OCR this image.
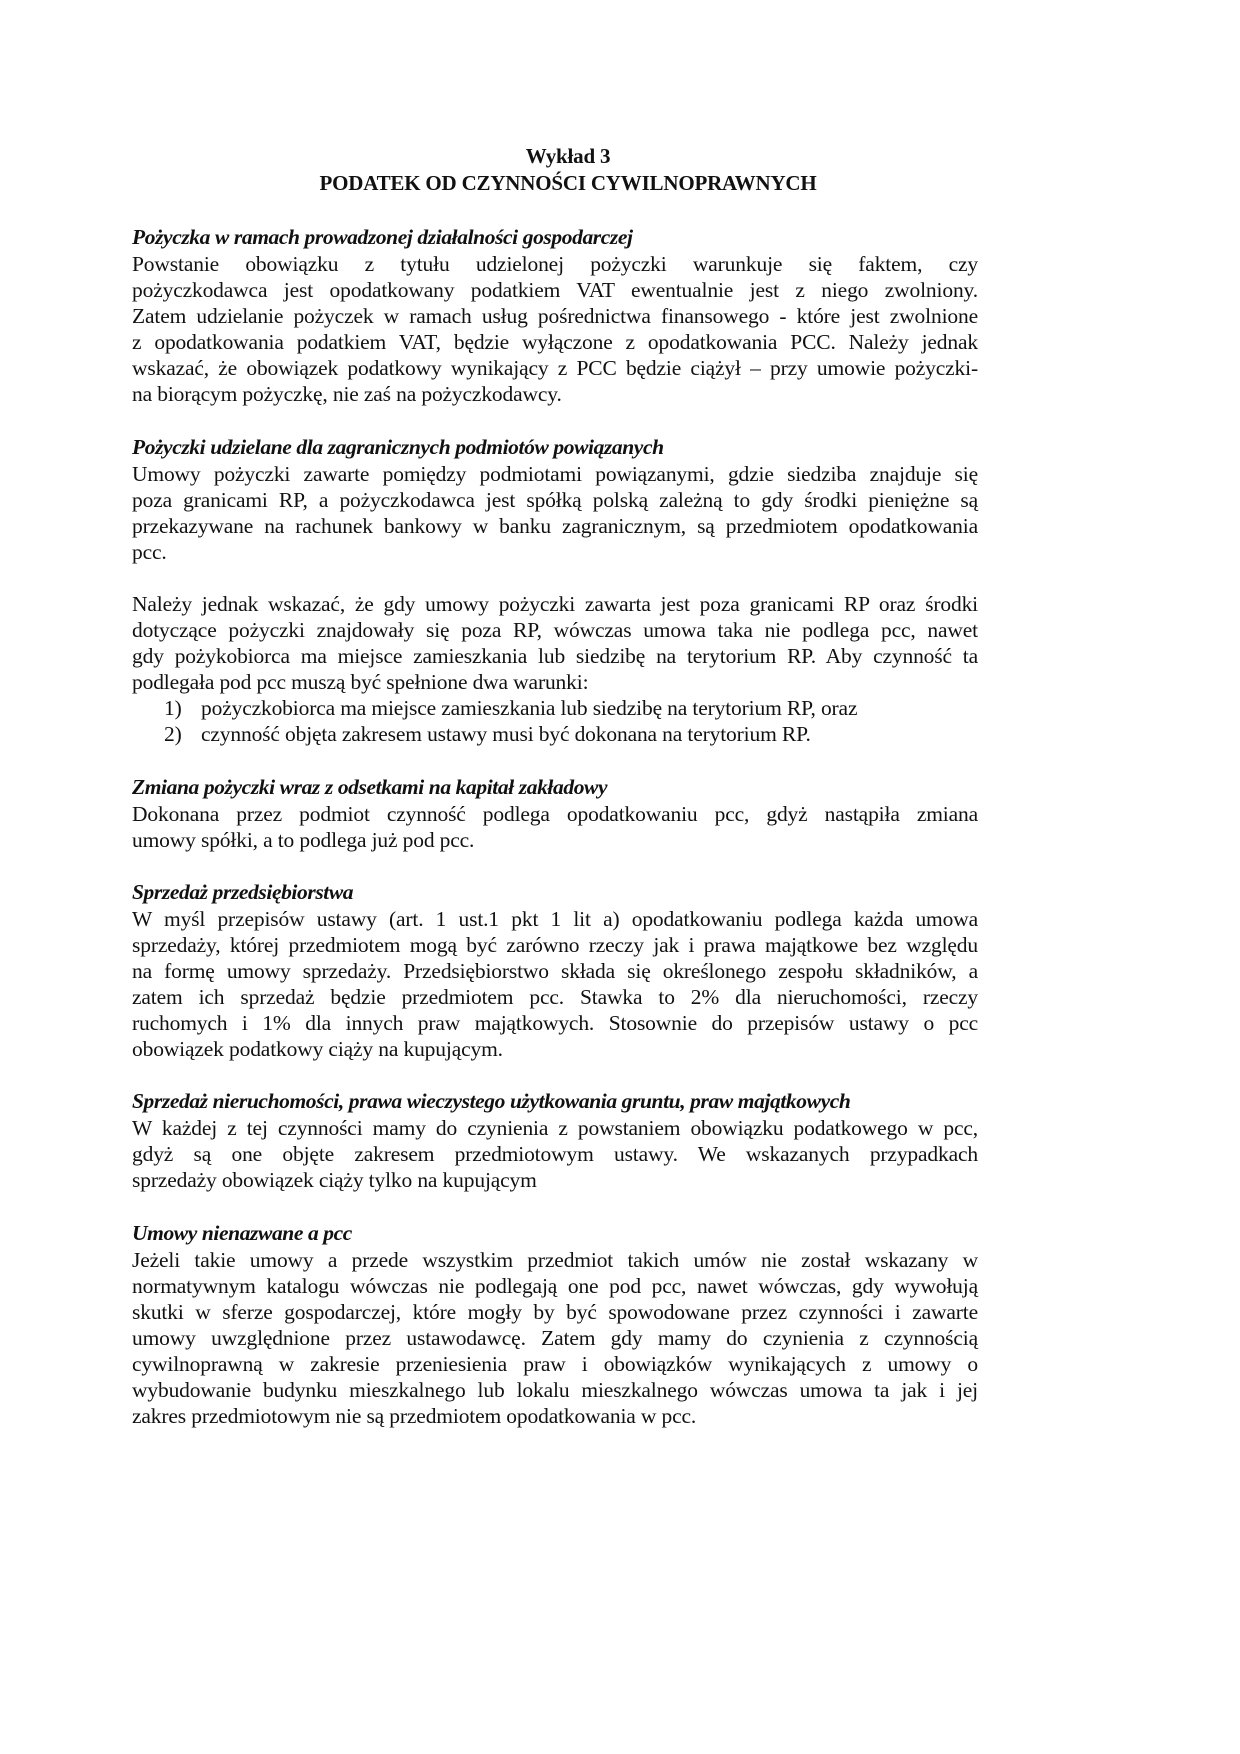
Wykład 3
PODATEK OD CZYNNOŚCI CYWILNOPRAWNYCH
Pożyczka w ramach prowadzonej działalności gospodarczej

Powstanie obowiązku z tytułu udzielonej pożyczki warunkuje się faktem, czy
pożyczkodawca jest opodatkowany podatkiem VAT ewentualnie jest z niego zwolniony.
Zatem udzielanie pożyczek w ramach usług pośrednictwa finansowego - które jest zwolnione
z opodatkowania podatkiem VAT, będzie wyłączone z opodatkowania PCC. Należy jednak
wskazać, że obowiązek podatkowy wynikający z PCC będzie ciążył – przy umowie pożyczki-
na biorącym pożyczkę, nie zaś na pożyczkodawcy.

Pożyczki udzielane dla zagranicznych podmiotów powiązanych

Umowy pożyczki zawarte pomiędzy podmiotami powiązanymi, gdzie siedziba znajduje się
poza granicami RP, a pożyczkodawca jest spółką polską zależną to gdy środki pieniężne są
przekazywane na rachunek bankowy w banku zagranicznym, są przedmiotem opodatkowania
pcc.

Należy jednak wskazać, że gdy umowy pożyczki zawarta jest poza granicami RP oraz środki
dotyczące pożyczki znajdowały się poza RP, wówczas umowa taka nie podlega pcc, nawet
gdy pożykobiorca ma miejsce zamieszkania lub siedzibę na terytorium RP. Aby czynność ta
podlegała pod pcc muszą być spełnione dwa warunki:

1) pożyczkobiorca ma miejsce zamieszkania lub siedzibę na terytorium RP, oraz
2) czynność objęta zakresem ustawy musi być dokonana na terytorium RP.
Zmiana pożyczki wraz z odsetkami na kapitał zakładowy

Dokonana przez podmiot czynność podlega opodatkowaniu pcc, gdyż nastąpiła zmiana
umowy spółki, a to podlega już pod pcc.

Sprzedaż przedsiębiorstwa

W myśl przepisów ustawy (art. 1 ust.1 pkt 1 lit a) opodatkowaniu podlega każda umowa
sprzedaży, której przedmiotem mogą być zarówno rzeczy jak i prawa majątkowe bez względu
na formę umowy sprzedaży. Przedsiębiorstwo składa się określonego zespołu składników, a
zatem ich sprzedaż będzie przedmiotem pcc. Stawka to 2% dla nieruchomości, rzeczy
ruchomych i 1% dla innych praw majątkowych. Stosownie do przepisów ustawy o pcc
obowiązek podatkowy ciąży na kupującym.

Sprzedaż nieruchomości, prawa wieczystego użytkowania gruntu, praw majątkowych

W każdej z tej czynności mamy do czynienia z powstaniem obowiązku podatkowego w pcc,
gdyż są one objęte zakresem przedmiotowym ustawy. We wskazanych przypadkach
sprzedaży obowiązek ciąży tylko na kupującym

Umowy nienazwane a pcc

Jeżeli takie umowy a przede wszystkim przedmiot takich umów nie został wskazany w
normatywnym katalogu wówczas nie podlegają one pod pcc, nawet wówczas, gdy wywołują
skutki w sferze gospodarczej, które mogły by być spowodowane przez czynności i zawarte
umowy uwzględnione przez ustawodawcę. Zatem gdy mamy do czynienia z czynnością
cywilnoprawną w zakresie przeniesienia praw i obowiązków wynikających z umowy o
wybudowanie budynku mieszkalnego lub lokalu mieszkalnego wówczas umowa ta jak i jej
zakres przedmiotowym nie są przedmiotem opodatkowania w pcc.
